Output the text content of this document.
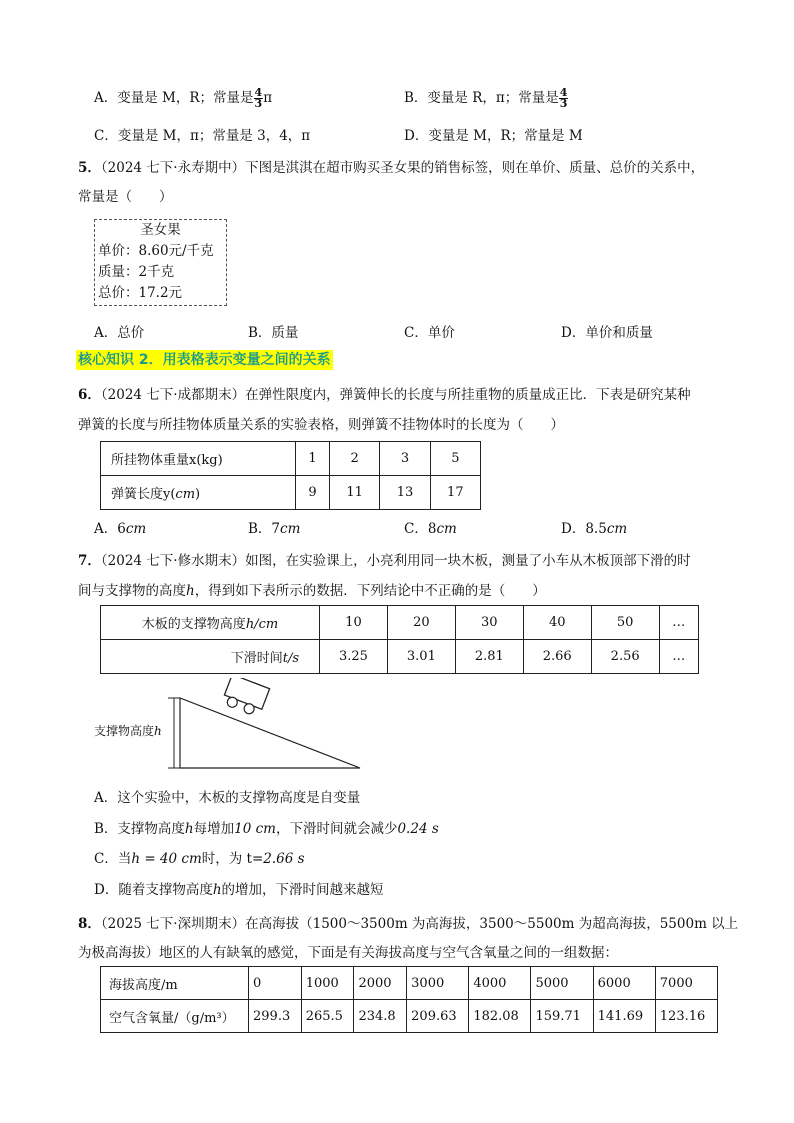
A．变量是 M，R；常量是 $\frac{4}{3}$ π	B．变量是 R，π；常量是 $\frac{4}{3}$
C．变量是 M，π；常量是 3，4，π	D．变量是 M，R；常量是 M
5．（2024 七下·永寿期中）下图是淇淇在超市购买圣女果的销售标签，则在单价、质量、总价的关系中，
常量是（　　）
圣女果
单价：8.60元/千克
质量：2千克
总价：17.2元
A．总价	B．质量	C．单价	D．单价和质量
核心知识 2．用表格表示变量之间的关系
6．（2024 七下·成都期末）在弹性限度内，弹簧伸长的长度与所挂重物的质量成正比．下表是研究某种
弹簧的长度与所挂物体质量关系的实验表格，则弹簧不挂物体时的长度为（　　）
所挂物体重量x(kg)	1	2	3	5
弹簧长度y(cm)	9	11	13	17
A．6cm	B．7cm	C．8cm	D．8.5cm
7．（2024 七下·修水期末）如图，在实验课上，小亮利用同一块木板，测量了小车从木板顶部下滑的时
间与支撑物的高度h，得到如下表所示的数据．下列结论中不正确的是（　　）
木板的支撑物高度h/cm	10	20	30	40	50	…
下滑时间t/s	3.25	3.01	2.81	2.66	2.56	…
支撑物高度h
A．这个实验中，木板的支撑物高度是自变量
B．支撑物高度h每增加10 cm，下滑时间就会减少0.24 s
C．当h = 40 cm时，为 t=2.66 s
D．随着支撑物高度h的增加，下滑时间越来越短
8．（2025 七下·深圳期末）在高海拔（1500～3500m 为高海拔，3500～5500m 为超高海拔，5500m 以上
为极高海拔）地区的人有缺氧的感觉，下面是有关海拔高度与空气含氧量之间的一组数据：
海拔高度/m	0	1000	2000	3000	4000	5000	6000	7000
空气含氧量/（g/m³）	299.3	265.5	234.8	209.63	182.08	159.71	141.69	123.16
